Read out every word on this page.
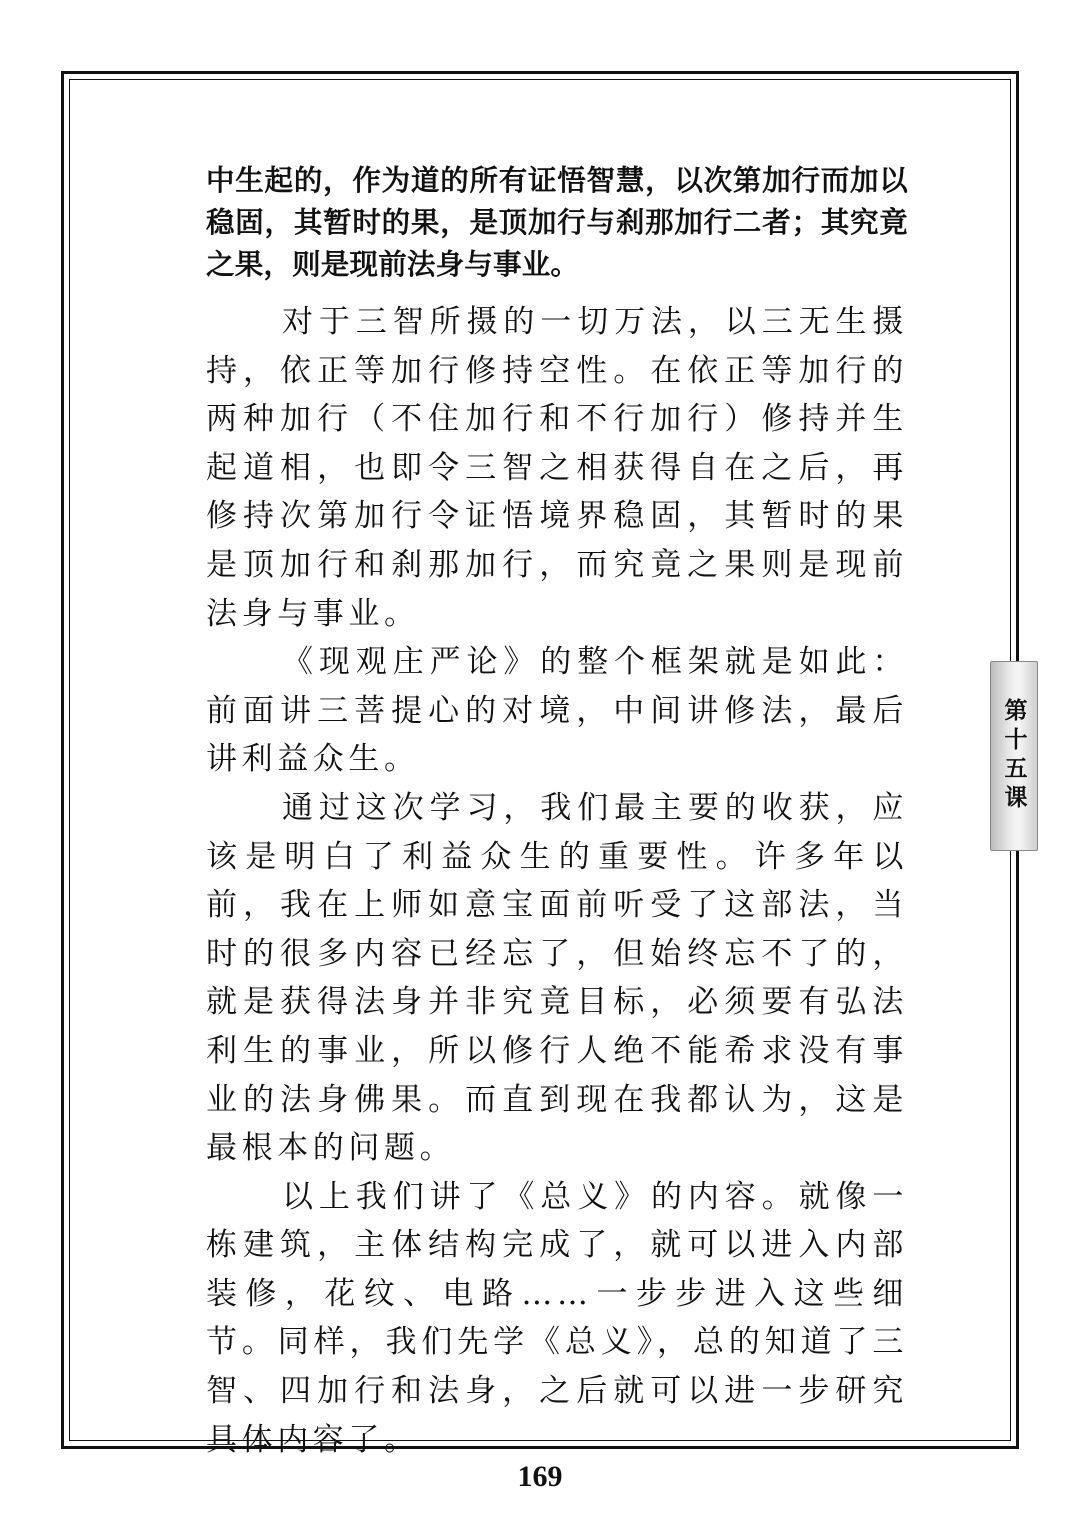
中生起的，作为道的所有证悟智慧，以次第加行而加以稳固，其暂时的果，是顶加行与刹那加行二者；其究竟之果，则是现前法身与事业。

对于三智所摄的一切万法，以三无生摄持，依正等加行修持空性。在依正等加行的两种加行（不住加行和不行加行）修持并生起道相，也即令三智之相获得自在之后，再修持次第加行令证悟境界稳固，其暂时的果是顶加行和刹那加行，而究竟之果则是现前法身与事业。

《现观庄严论》的整个框架就是如此：前面讲三菩提心的对境，中间讲修法，最后讲利益众生。

通过这次学习，我们最主要的收获，应该是明白了利益众生的重要性。许多年以前，我在上师如意宝面前听受了这部法，当时的很多内容已经忘了，但始终忘不了的，就是获得法身并非究竟目标，必须要有弘法利生的事业，所以修行人绝不能希求没有事业的法身佛果。而直到现在我都认为，这是最根本的问题。

以上我们讲了《总义》的内容。就像一栋建筑，主体结构完成了，就可以进入内部装修，花纹、电路……一步步进入这些细节。同样，我们先学《总义》，总的知道了三智、四加行和法身，之后就可以进一步研究具体内容了。

第十五课
169
